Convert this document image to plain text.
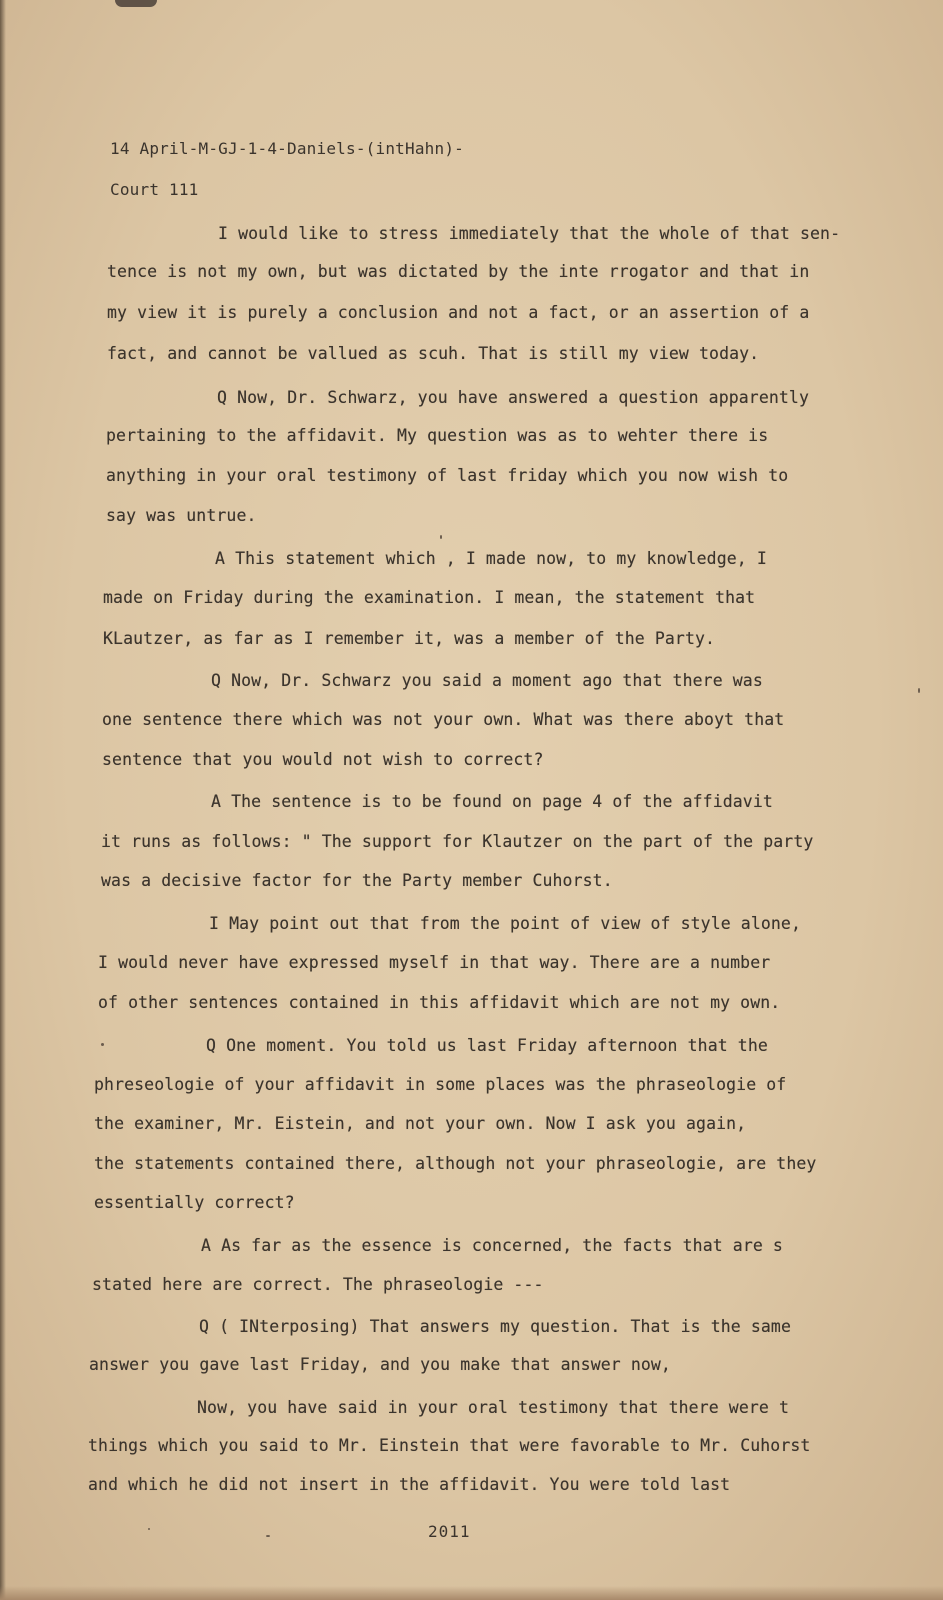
14 April-M-GJ-1-4-Daniels-(intHahn)-
Court 111
I would like to stress immediately that the whole of that sen-
tence is not my own, but was dictated by the inte rrogator and that in
my view it is purely a conclusion and not a fact, or an assertion of a
fact, and cannot be vallued as scuh. That is still my view today.
Q Now, Dr. Schwarz, you have answered a question apparently
pertaining to the affidavit. My question was as to wehter there is
anything in your oral testimony of last friday which you now wish to
say was untrue.
A This statement which , I made now, to my knowledge, I
made on Friday during the examination. I mean, the statement that
KLautzer, as far as I remember it, was a member of the Party.
Q Now, Dr. Schwarz you said a moment ago that there was
one sentence there which was not your own. What was there aboyt that
sentence that you would not wish to correct?
A The sentence is to be found on page 4 of the affidavit
it runs as follows: " The support for Klautzer on the part of the party
was a decisive factor for the Party member Cuhorst.
I May point out that from the point of view of style alone,
I would never have expressed myself in that way. There are a number
of other sentences contained in this affidavit which are not my own.
Q One moment. You told us last Friday afternoon that the
phreseologie of your affidavit in some places was the phraseologie of
the examiner, Mr. Eistein, and not your own. Now I ask you again,
the statements contained there, although not your phraseologie, are they
essentially correct?
A As far as the essence is concerned, the facts that are s
stated here are correct. The phraseologie ---
Q ( INterposing) That answers my question. That is the same
answer you gave last Friday, and you make that answer now,
Now, you have said in your oral testimony that there were t
things which you said to Mr. Einstein that were favorable to Mr. Cuhorst
and which he did not insert in the affidavit. You were told last
2011
